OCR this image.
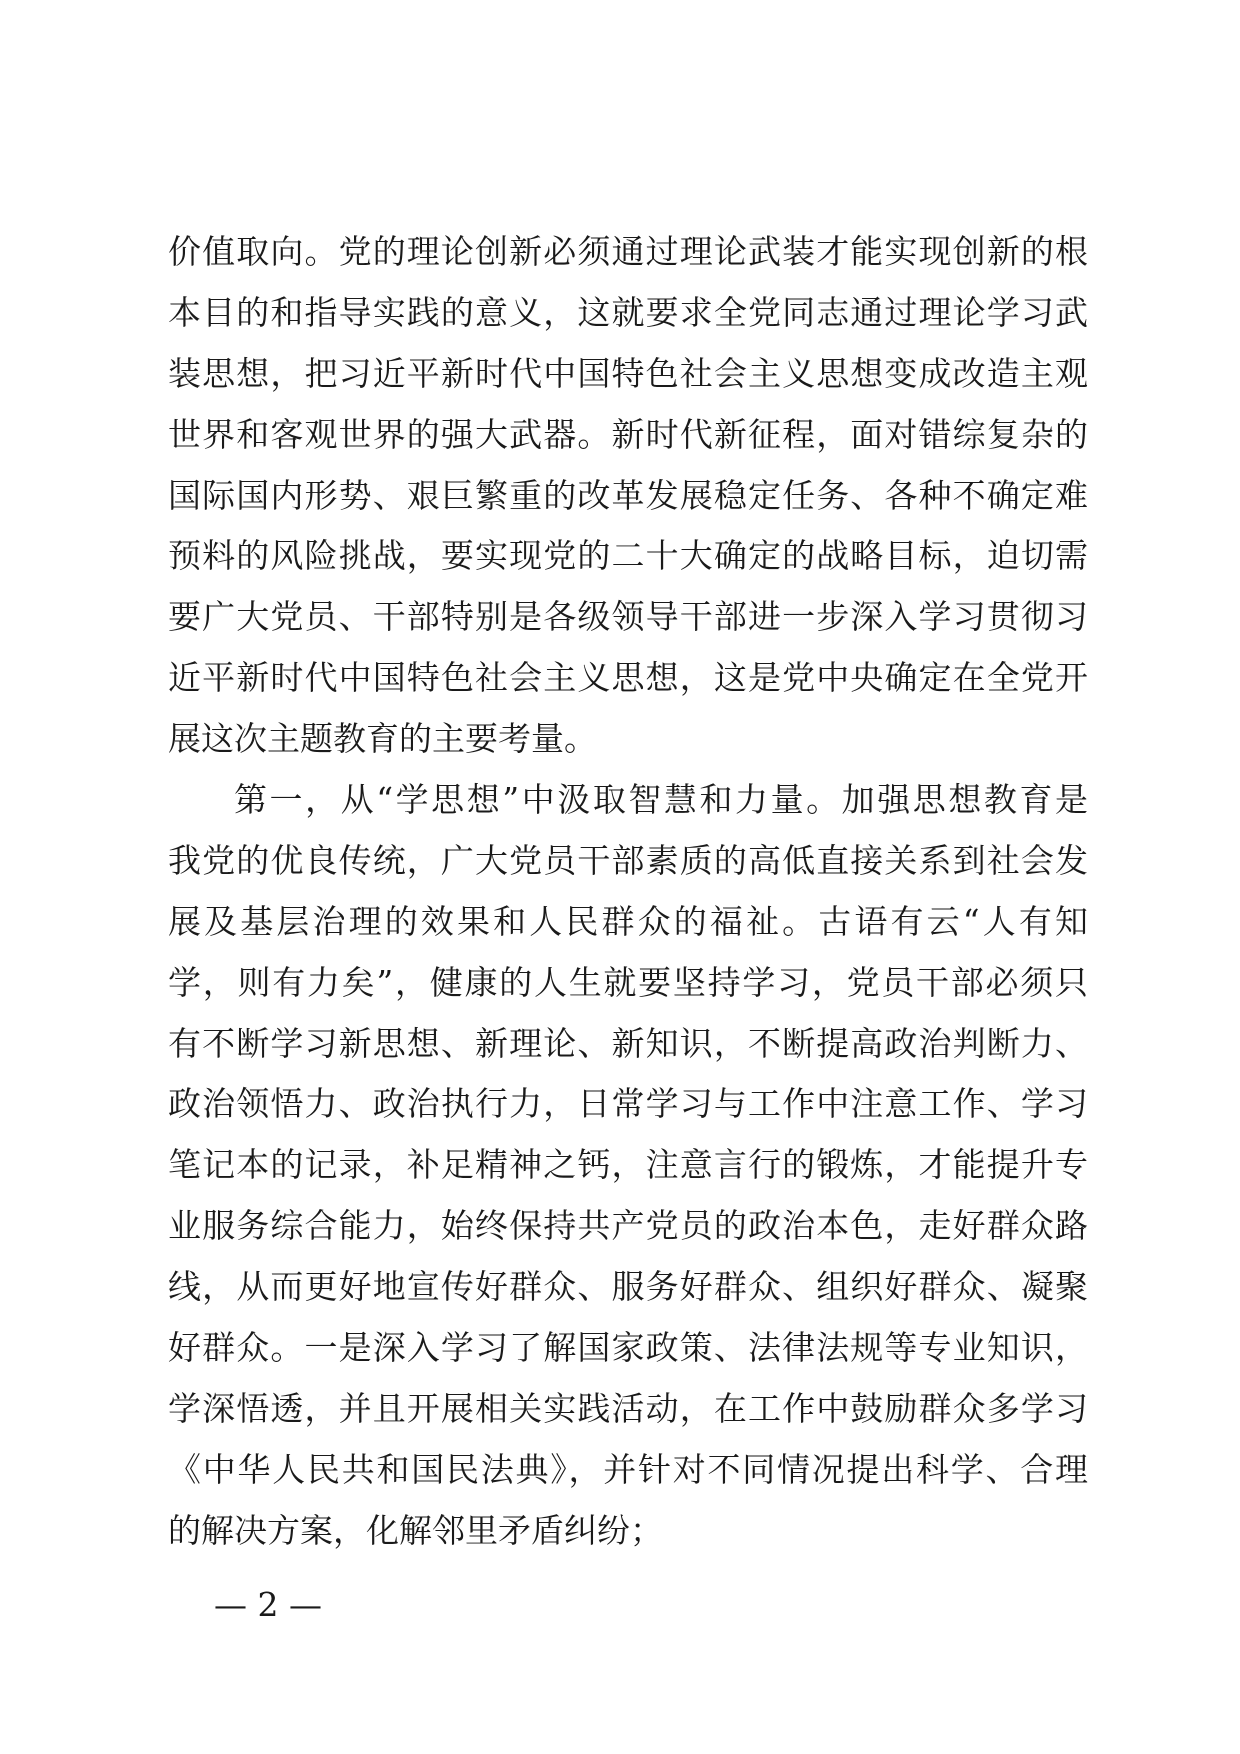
价值取向。党的理论创新必须通过理论武装才能实现创新的根
本目的和指导实践的意义，这就要求全党同志通过理论学习武
装思想，把习近平新时代中国特色社会主义思想变成改造主观
世界和客观世界的强大武器。新时代新征程，面对错综复杂的
国际国内形势、艰巨繁重的改革发展稳定任务、各种不确定难
预料的风险挑战，要实现党的二十大确定的战略目标，迫切需
要广大党员、干部特别是各级领导干部进一步深入学习贯彻习
近平新时代中国特色社会主义思想，这是党中央确定在全党开
展这次主题教育的主要考量。
第一，从“学思想”中汲取智慧和力量。加强思想教育是
我党的优良传统，广大党员干部素质的高低直接关系到社会发
展及基层治理的效果和人民群众的福祉。古语有云“人有知
学，则有力矣”，健康的人生就要坚持学习，党员干部必须只
有不断学习新思想、新理论、新知识，不断提高政治判断力、
政治领悟力、政治执行力，日常学习与工作中注意工作、学习
笔记本的记录，补足精神之钙，注意言行的锻炼，才能提升专
业服务综合能力，始终保持共产党员的政治本色，走好群众路
线，从而更好地宣传好群众、服务好群众、组织好群众、凝聚
好群众。一是深入学习了解国家政策、法律法规等专业知识，
学深悟透，并且开展相关实践活动，在工作中鼓励群众多学习
《中华人民共和国民法典》，并针对不同情况提出科学、合理
的解决方案，化解邻里矛盾纠纷；
— 2 —
